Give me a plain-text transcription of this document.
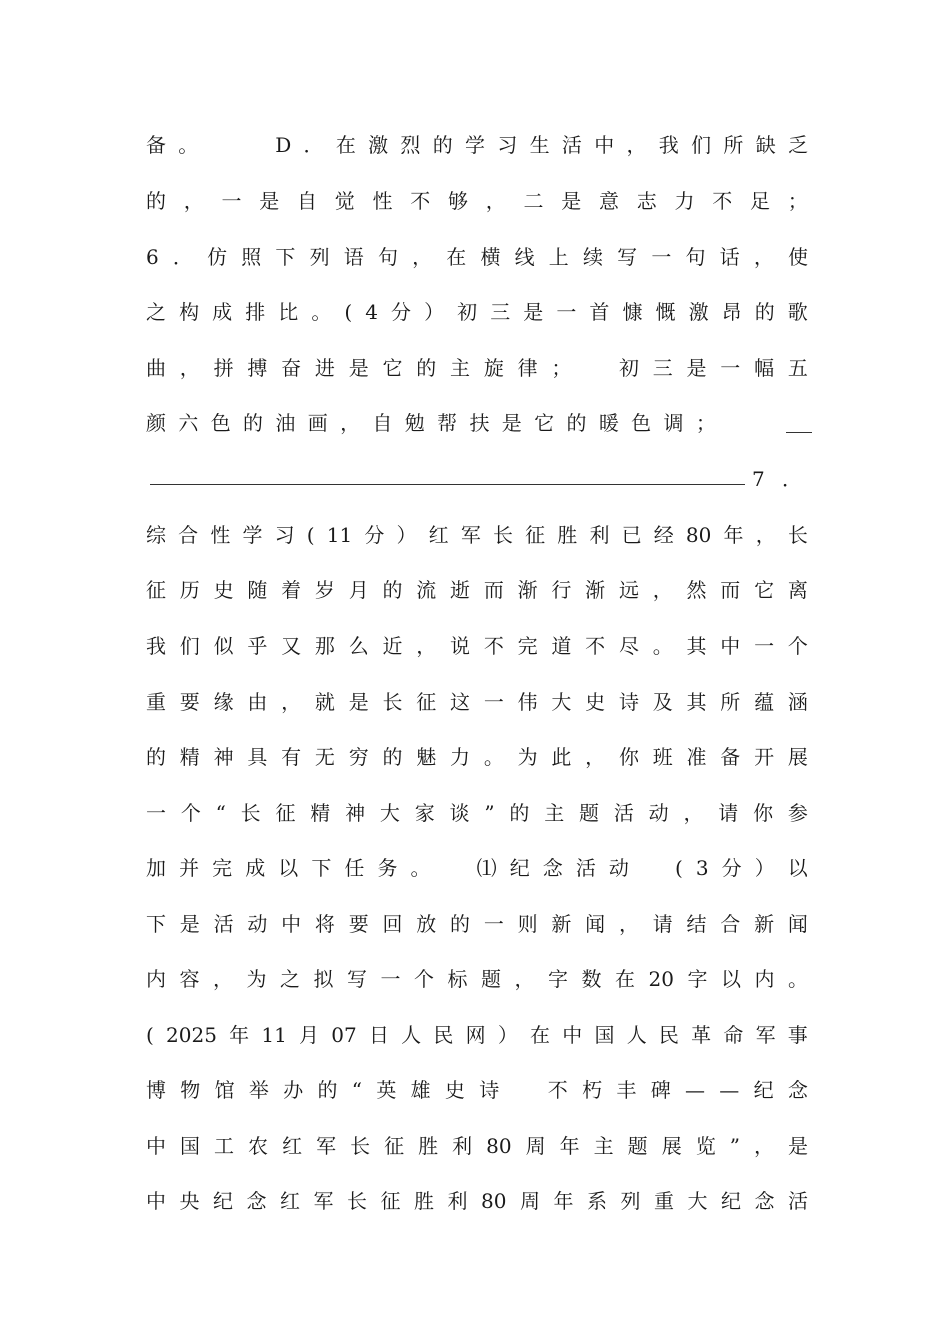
备 。

　	D ． 在 激 烈 的 学 习 生 活 中 ， 我 们 所 缺 乏
的 ， 一 是 自 觉 性 不 够 ， 二 是 意 志 力 不 足 ；
6 ． 仿 照 下 列 语 句 ， 在 横 线 上 续 写 一 句 话 ， 使
之 构 成 排 比 。 ( 4 分 ） 初 三 是 一 首 慷 慨 激 昂 的 歌
曲 ， 拼 搏 奋 进 是 它 的 主 旋 律 ；
　 初 三 是 一 幅 五
颜 六 色 的 油 画 ， 自 勉 帮 扶 是 它 的 暖 色 调 ；
7 ．
综 合 性 学 习 ( 11 分 ） 红 军 长 征 胜 利 已 经 80 年 ， 长
征 历 史 随 着 岁 月 的 流 逝 而 渐 行 渐 远 ， 然 而 它 离
我 们 似 乎 又 那 么 近 ， 说 不 完 道 不 尽 。 其 中 一 个
重 要 缘 由 ， 就 是 长 征 这 一 伟 大 史 诗 及 其 所 蕴 涵
的 精 神 具 有 无 穷 的 魅 力 。 为 此 ， 你 班 准 备 开 展
一 个 “ 长 征 精 神 大 家 谈 ” 的 主 题 活 动 ， 请 你 参
加 并 完 成 以 下 任 务 。
　 ⑴ 纪 念 活 动
　 ( 3 分 ） 以
下 是 活 动 中 将 要 回 放 的 一 则 新 闻 ， 请 结 合 新 闻
内 容 ， 为 之 拟 写 一 个 标 题 ， 字 数 在 20 字 以 内 。
( 2025 年 11 月 07 日 人 民 网 ） 在 中 国 人 民 革 命 军 事
博 物 馆 举 办 的 “ 英 雄 史 诗
　 不 朽 丰 碑 — — 纪 念
中 国 工 农 红 军 长 征 胜 利 80 周 年 主 题 展 览 ” ， 是
中 央 纪 念 红 军 长 征 胜 利 80 周 年 系 列 重 大 纪 念 活
